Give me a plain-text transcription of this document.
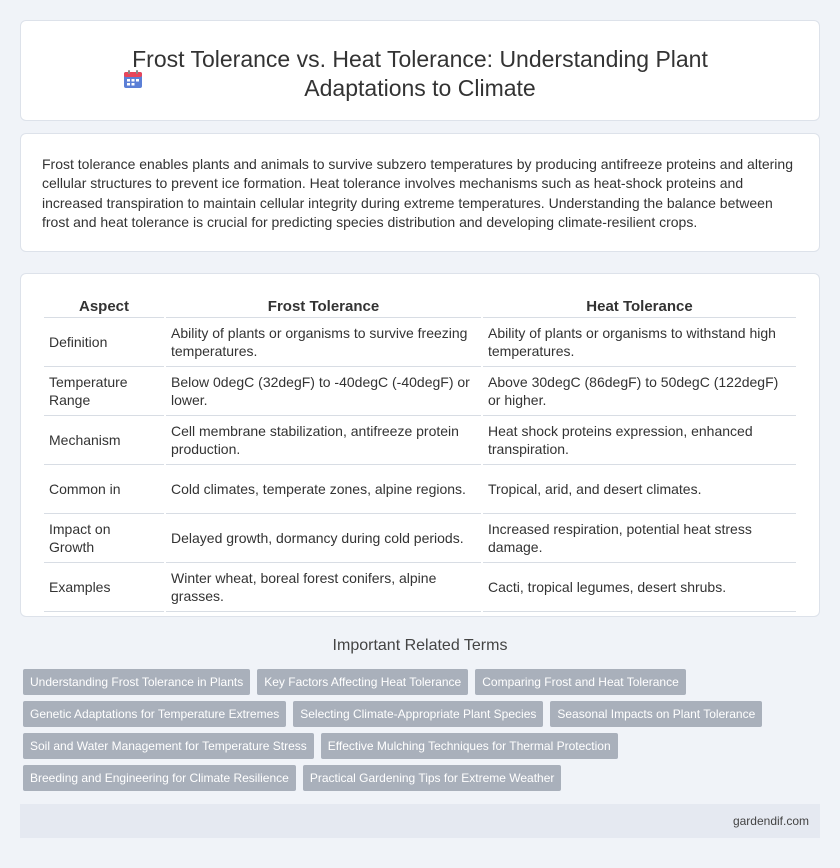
Frost Tolerance vs. Heat Tolerance: Understanding Plant Adaptations to Climate

Frost tolerance enables plants and animals to survive subzero temperatures by producing antifreeze proteins and altering cellular structures to prevent ice formation. Heat tolerance involves mechanisms such as heat-shock proteins and increased transpiration to maintain cellular integrity during extreme temperatures. Understanding the balance between frost and heat tolerance is crucial for predicting species distribution and developing climate-resilient crops.

Aspect	Frost Tolerance	Heat Tolerance
Definition	Ability of plants or organisms to survive freezing temperatures.	Ability of plants or organisms to withstand high temperatures.
Temperature Range	Below 0degC (32degF) to -40degC (-40degF) or lower.	Above 30degC (86degF) to 50degC (122degF) or higher.
Mechanism	Cell membrane stabilization, antifreeze protein production.	Heat shock proteins expression, enhanced transpiration.
Common in	Cold climates, temperate zones, alpine regions.	Tropical, arid, and desert climates.
Impact on Growth	Delayed growth, dormancy during cold periods.	Increased respiration, potential heat stress damage.
Examples	Winter wheat, boreal forest conifers, alpine grasses.	Cacti, tropical legumes, desert shrubs.
Important Related Terms
Understanding Frost Tolerance in Plants	Key Factors Affecting Heat Tolerance	Comparing Frost and Heat Tolerance
Genetic Adaptations for Temperature Extremes	Selecting Climate-Appropriate Plant Species	Seasonal Impacts on Plant Tolerance
Soil and Water Management for Temperature Stress	Effective Mulching Techniques for Thermal Protection
Breeding and Engineering for Climate Resilience	Practical Gardening Tips for Extreme Weather
gardendif.com
